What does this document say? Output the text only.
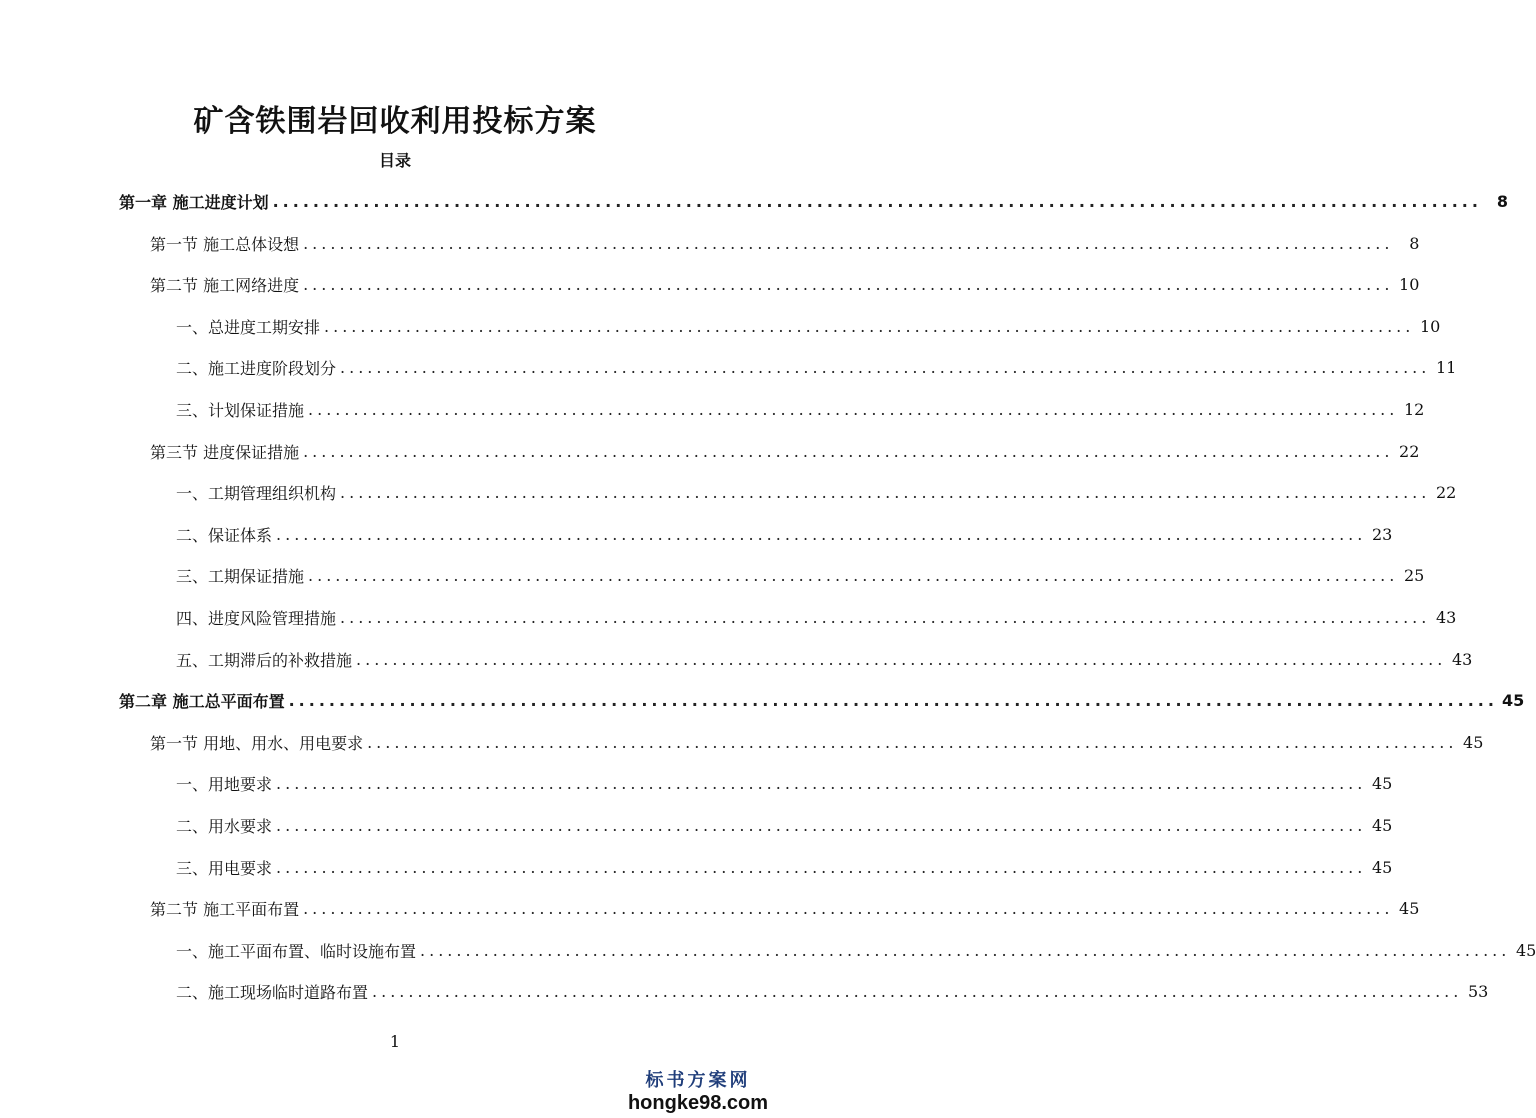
矿含铁围岩回收利用投标方案
目录
第一章 施工进度计划 ........................................................................................................................ 8
第一节 施工总体设想 ........................................................................................................................ 8
第二节 施工网络进度 ........................................................................................................................ 10
一、总进度工期安排 ........................................................................................................................ 10
二、施工进度阶段划分 ........................................................................................................................ 11
三、计划保证措施 ........................................................................................................................ 12
第三节 进度保证措施 ........................................................................................................................ 22
一、工期管理组织机构 ........................................................................................................................ 22
二、保证体系 ........................................................................................................................ 23
三、工期保证措施 ........................................................................................................................ 25
四、进度风险管理措施 ........................................................................................................................ 43
五、工期滞后的补救措施 ........................................................................................................................ 43
第二章 施工总平面布置 ........................................................................................................................ 45
第一节 用地、用水、用电要求 ........................................................................................................................ 45
一、用地要求 ........................................................................................................................ 45
二、用水要求 ........................................................................................................................ 45
三、用电要求 ........................................................................................................................ 45
第二节 施工平面布置 ........................................................................................................................ 45
一、施工平面布置、临时设施布置 ........................................................................................................................ 45
二、施工现场临时道路布置 ........................................................................................................................ 53
1
标书方案网
hongke98.com
